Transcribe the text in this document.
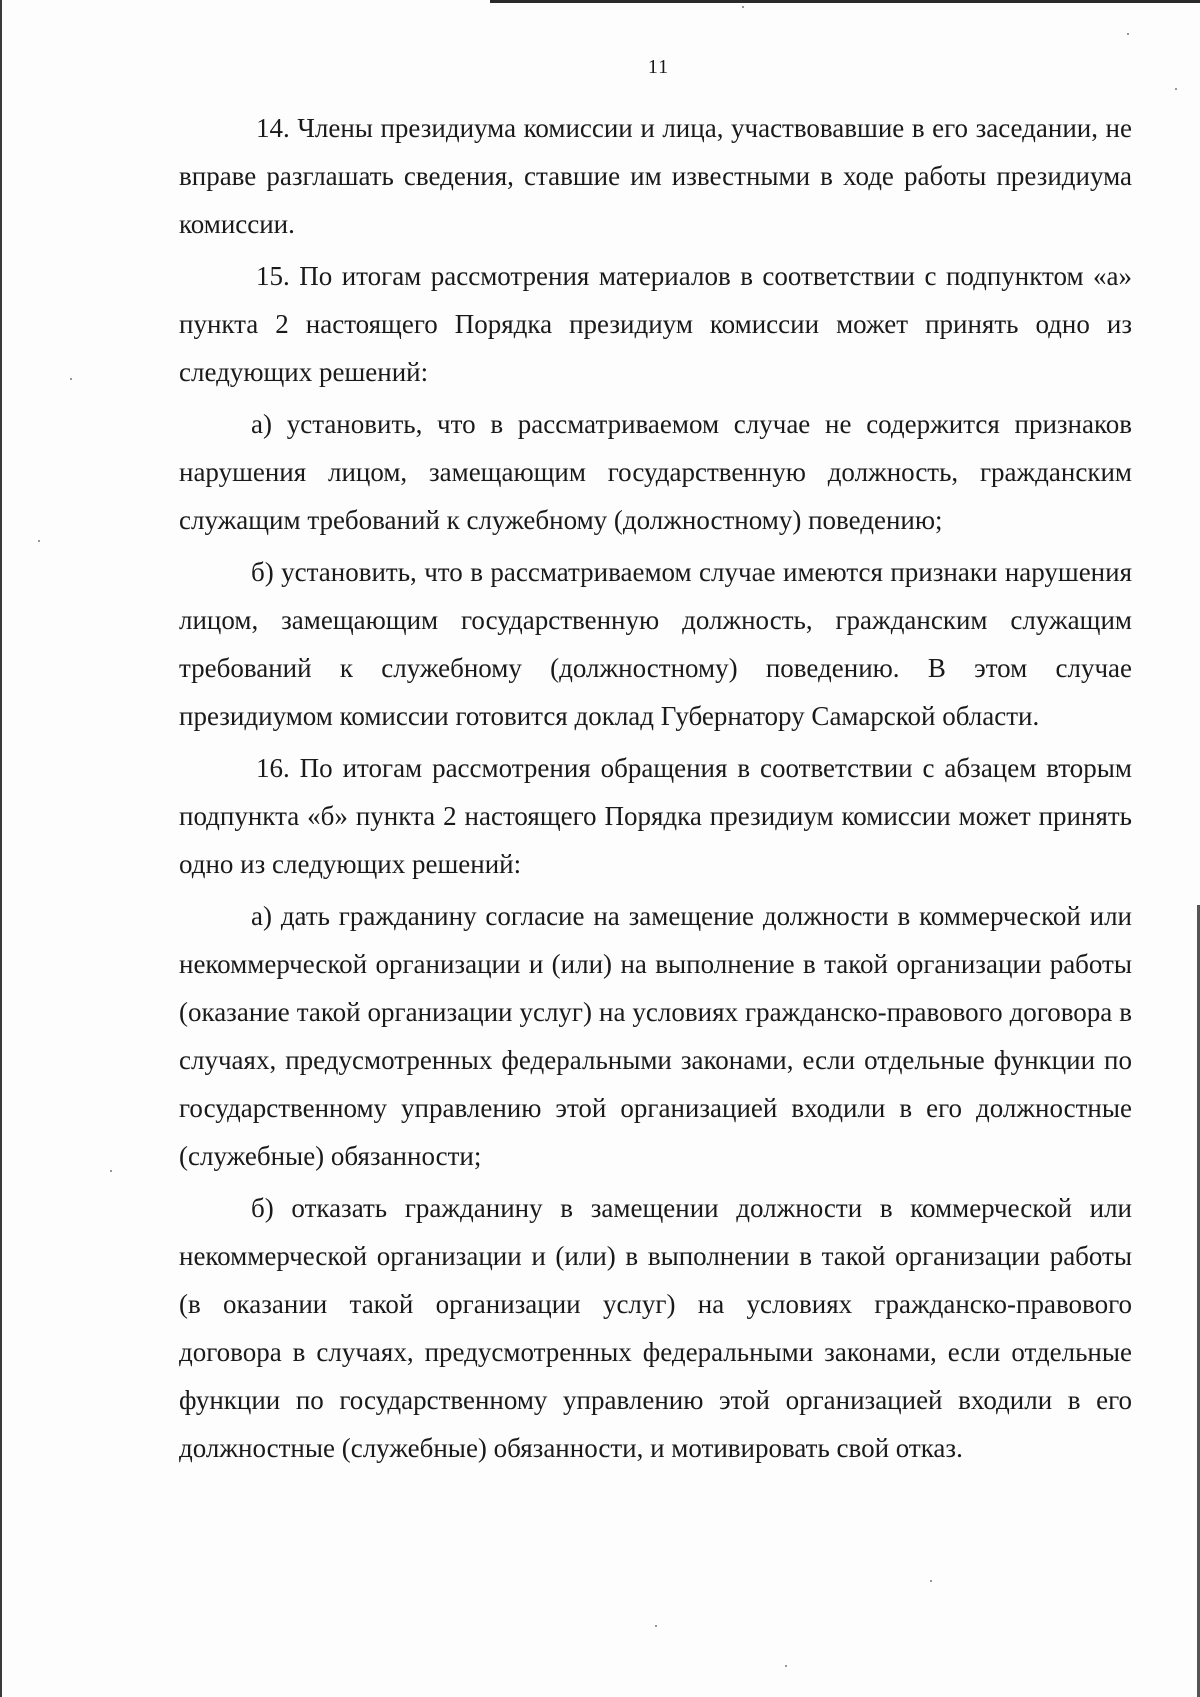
11

14. Члены президиума комиссии и лица, участвовавшие в его заседании, не вправе разглашать сведения, ставшие им известными в ходе работы президиума комиссии.

15. По итогам рассмотрения материалов в соответствии с подпунктом «а» пункта 2 настоящего Порядка президиум комиссии может принять одно из следующих решений:

а) установить, что в рассматриваемом случае не содержится признаков нарушения лицом, замещающим государственную должность, гражданским служащим требований к служебному (должностному) поведению;

б) установить, что в рассматриваемом случае имеются признаки нарушения лицом, замещающим государственную должность, гражданским служащим требований к служебному (должностному) поведению. В этом случае президиумом комиссии готовится доклад Губернатору Самарской области.

16. По итогам рассмотрения обращения в соответствии с абзацем вторым подпункта «б» пункта 2 настоящего Порядка президиум комиссии может принять одно из следующих решений:

а) дать гражданину согласие на замещение должности в коммерческой или некоммерческой организации и (или) на выполнение в такой организации работы (оказание такой организации услуг) на условиях гражданско-правового договора в случаях, предусмотренных федеральными законами, если отдельные функции по государственному управлению этой организацией входили в его должностные (служебные) обязанности;

б) отказать гражданину в замещении должности в коммерческой или некоммерческой организации и (или) в выполнении в такой организации работы (в оказании такой организации услуг) на условиях гражданско-правового договора в случаях, предусмотренных федеральными законами, если отдельные функции по государственному управлению этой организацией входили в его должностные (служебные) обязанности, и мотивировать свой отказ.
